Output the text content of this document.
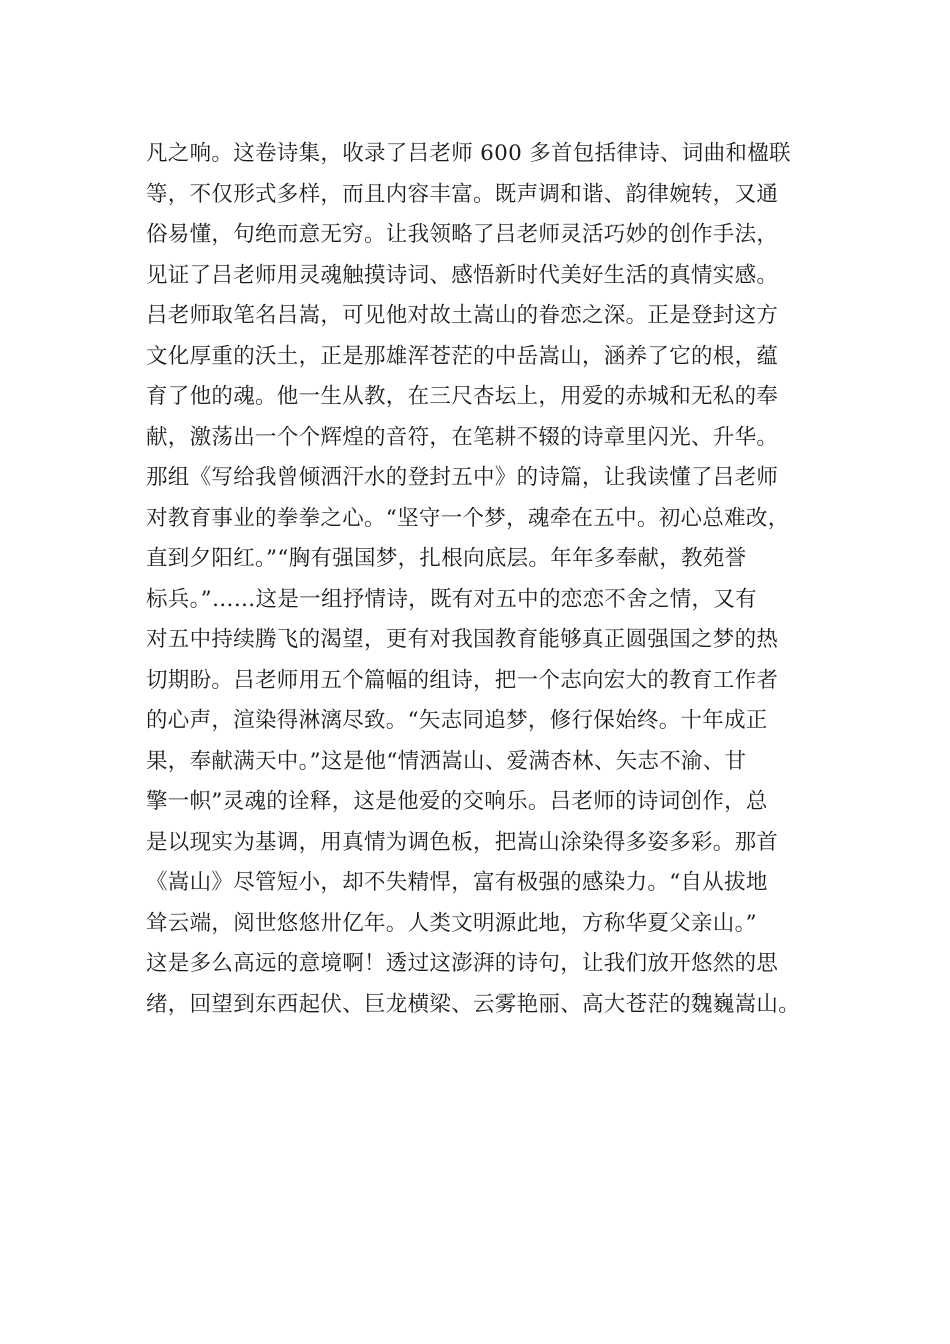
凡之响。这卷诗集，收录了吕老师 600 多首包括律诗、词曲和楹联
等，不仅形式多样，而且内容丰富。既声调和谐、韵律婉转，又通
俗易懂，句绝而意无穷。让我领略了吕老师灵活巧妙的创作手法，
见证了吕老师用灵魂触摸诗词、感悟新时代美好生活的真情实感。
吕老师取笔名吕嵩，可见他对故土嵩山的眷恋之深。正是登封这方
文化厚重的沃土，正是那雄浑苍茫的中岳嵩山，涵养了它的根，蕴
育了他的魂。他一生从教，在三尺杏坛上，用爱的赤城和无私的奉
献，激荡出一个个辉煌的音符，在笔耕不辍的诗章里闪光、升华。
那组《写给我曾倾洒汗水的登封五中》的诗篇，让我读懂了吕老师
对教育事业的拳拳之心。“坚守一个梦，魂牵在五中。初心总难改，
直到夕阳红。”“胸有强国梦，扎根向底层。年年多奉献，教苑誉
标兵。”……这是一组抒情诗，既有对五中的恋恋不舍之情，又有
对五中持续腾飞的渴望，更有对我国教育能够真正圆强国之梦的热
切期盼。吕老师用五个篇幅的组诗，把一个志向宏大的教育工作者
的心声，渲染得淋漓尽致。“矢志同追梦，修行保始终。十年成正
果，奉献满天中。”这是他“情洒嵩山、爱满杏林、矢志不渝、甘
擎一帜”灵魂的诠释，这是他爱的交响乐。吕老师的诗词创作，总
是以现实为基调，用真情为调色板，把嵩山涂染得多姿多彩。那首
《嵩山》尽管短小，却不失精悍，富有极强的感染力。“自从拔地
耸云端，阅世悠悠卅亿年。人类文明源此地，方称华夏父亲山。”
这是多么高远的意境啊！透过这澎湃的诗句，让我们放开悠然的思
绪，回望到东西起伏、巨龙横梁、云雾艳丽、高大苍茫的魏巍嵩山。
